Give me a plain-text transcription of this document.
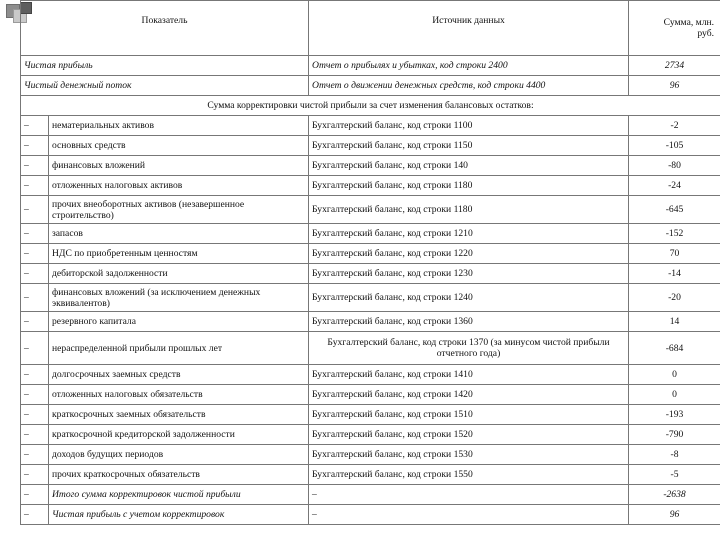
Показатель		Источник данных	Сумма, млн.
руб.

Чистая прибыль		Отчет о прибылях и убытках, код строки 2400	2734
Чистый денежный поток		Отчет о движении денежных средств, код строки 4400	96
Сумма корректировки чистой прибыли за счет изменения балансовых остатков:			
–	нематериальных активов	Бухгалтерский баланс, код строки 1100	-2
–	основных средств	Бухгалтерский баланс, код строки 1150	-105
–	финансовых вложений	Бухгалтерский баланс, код строки 140	-80
–	отложенных налоговых активов	Бухгалтерский баланс, код строки 1180	-24
–	прочих внеоборотных активов (незавершенное строительство)	Бухгалтерский баланс, код строки 1180	-645
–	запасов	Бухгалтерский баланс, код строки 1210	-152
–	НДС по приобретенным ценностям	Бухгалтерский баланс, код строки 1220	70
–	дебиторской задолженности	Бухгалтерский баланс, код строки 1230	-14
–	финансовых вложений (за исключением денежных эквивалентов)	Бухгалтерский баланс, код строки 1240	-20
–	резервного капитала	Бухгалтерский баланс, код строки 1360	14
–	нераспределенной прибыли прошлых лет	Бухгалтерский баланс, код строки 1370 (за минусом чистой прибыли отчетного года)	-684
–	долгосрочных заемных средств	Бухгалтерский баланс, код строки 1410	0
–	отложенных налоговых обязательств	Бухгалтерский баланс, код строки 1420	0
–	краткосрочных заемных обязательств	Бухгалтерский баланс, код строки 1510	-193
–	краткосрочной кредиторской задолженности	Бухгалтерский баланс, код строки 1520	-790
–	доходов будущих периодов	Бухгалтерский баланс, код строки 1530	-8
–	прочих краткосрочных обязательств	Бухгалтерский баланс, код строки 1550	-5
–	Итого сумма корректировок чистой прибыли	–	-2638
–	Чистая прибыль с учетом корректировок	–	96
